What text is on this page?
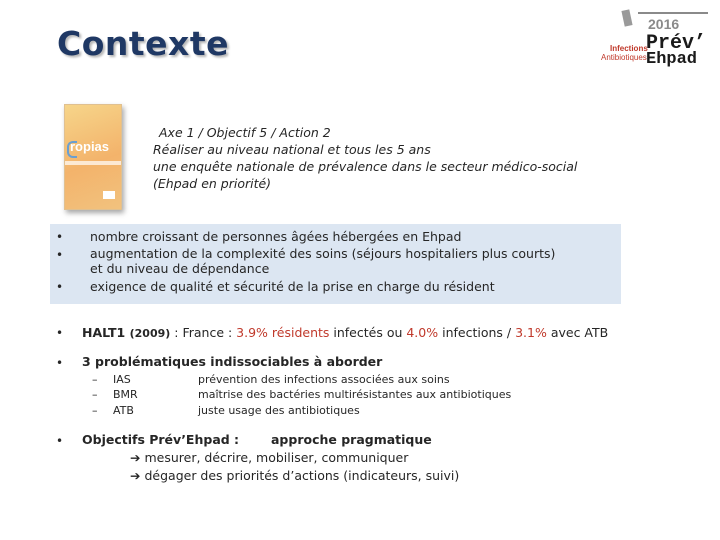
Contexte	2016
Prév’
Ehpad
Infections
Antibiotiques
ropias
Axe 1 / Objectif 5 / Action 2
Réaliser au niveau national et tous les 5 ans
une enquête nationale de prévalence dans le secteur médico-social
(Ehpad en priorité)
• nombre croissant de personnes âgées hébergées en Ehpad
• augmentation de la complexité des soins (séjours hospitaliers plus courts)
et du niveau de dépendance
• exigence de qualité et sécurité de la prise en charge du résident
• HALT1 (2009) : France : 3.9% résidents infectés ou 4.0% infections / 3.1% avec ATB
• 3 problématiques indissociables à aborder
– IAS	prévention des infections associées aux soins
– BMR	maîtrise des bactéries multirésistantes aux antibiotiques
– ATB	juste usage des antibiotiques
• Objectifs Prév’Ehpad :	approche pragmatique
➔ mesurer, décrire, mobiliser, communiquer
➔ dégager des priorités d’actions (indicateurs, suivi)
